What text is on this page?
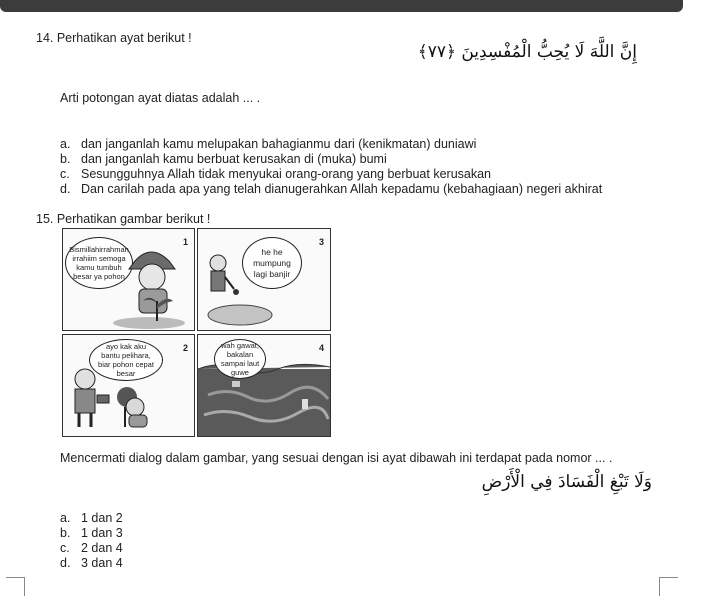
14. Perhatikan ayat berikut !
إِنَّ اللَّهَ لَا يُحِبُّ الْمُفْسِدِينَ ﴿٧٧﴾
Arti potongan ayat diatas adalah ... .
a. dan janganlah kamu melupakan bahagianmu dari (kenikmatan) duniawi
b. dan janganlah kamu berbuat kerusakan di (muka) bumi
c. Sesungguhnya Allah tidak menyukai orang-orang yang berbuat kerusakan
d. Dan carilah pada apa yang telah dianugerahkan Allah kepadamu (kebahagiaan) negeri akhirat
15. Perhatikan gambar berikut !
1
Bismillahirrahman
irrahiim semoga
kamu tumbuh
besar ya pohon
3
he he
mumpung
lagi banjir
2
ayo kak aku
bantu pelihara,
biar pohon cepat
besar
4
wah gawat,
bakalan
sampai laut
guwe
Mencermati dialog dalam gambar, yang sesuai dengan isi ayat dibawah ini terdapat pada nomor ... .
وَلَا تَبْغِ الْفَسَادَ فِي الْأَرْضِ
a. 1 dan 2
b. 1 dan 3
c. 2 dan 4
d. 3 dan 4
